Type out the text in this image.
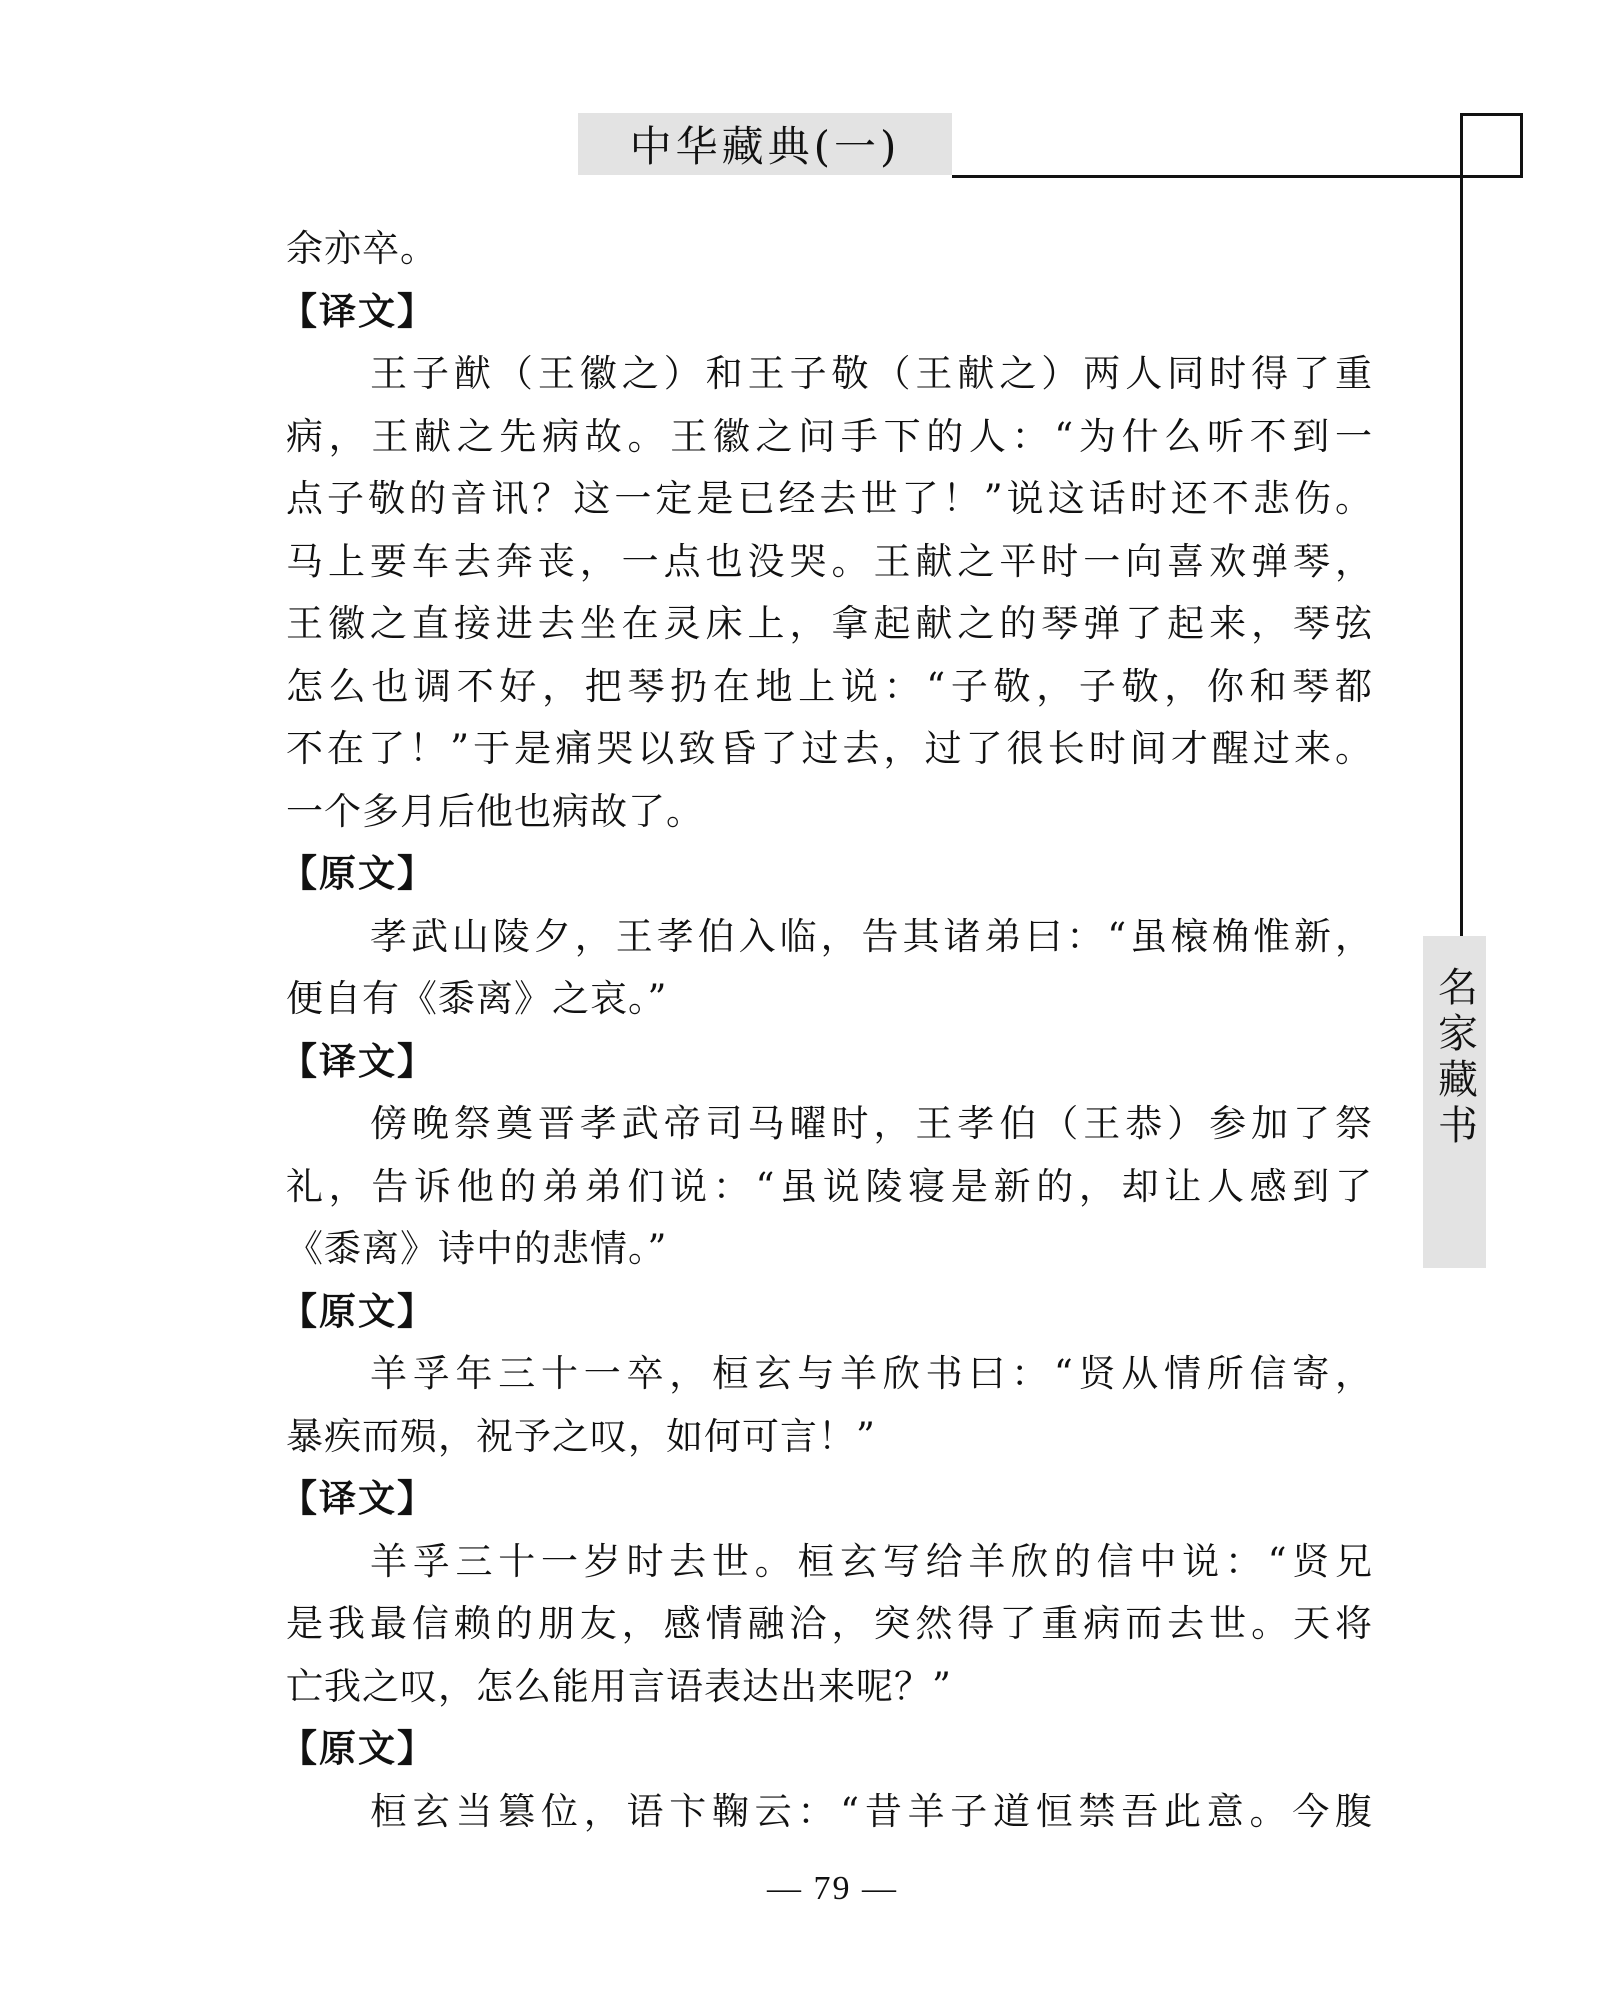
中华藏典(一)
名家藏书
余亦卒。
【译文】
王子猷（王徽之）和王子敬（王献之）两人同时得了重
病，王献之先病故。王徽之问手下的人：“为什么听不到一
点子敬的音讯？这一定是已经去世了！”说这话时还不悲伤。
马上要车去奔丧，一点也没哭。王献之平时一向喜欢弹琴，
王徽之直接进去坐在灵床上，拿起献之的琴弹了起来，琴弦
怎么也调不好，把琴扔在地上说：“子敬，子敬，你和琴都
不在了！”于是痛哭以致昏了过去，过了很长时间才醒过来。
一个多月后他也病故了。
【原文】
孝武山陵夕，王孝伯入临，告其诸弟曰：“虽榱桷惟新，
便自有《黍离》之哀。”
【译文】
傍晚祭奠晋孝武帝司马曜时，王孝伯（王恭）参加了祭
礼，告诉他的弟弟们说：“虽说陵寝是新的，却让人感到了
《黍离》诗中的悲情。”
【原文】
羊孚年三十一卒，桓玄与羊欣书曰：“贤从情所信寄，
暴疾而殒，祝予之叹，如何可言！”
【译文】
羊孚三十一岁时去世。桓玄写给羊欣的信中说：“贤兄
是我最信赖的朋友，感情融洽，突然得了重病而去世。天将
亡我之叹，怎么能用言语表达出来呢？”
【原文】
桓玄当篡位，语卞鞠云：“昔羊子道恒禁吾此意。今腹
— 79 —
